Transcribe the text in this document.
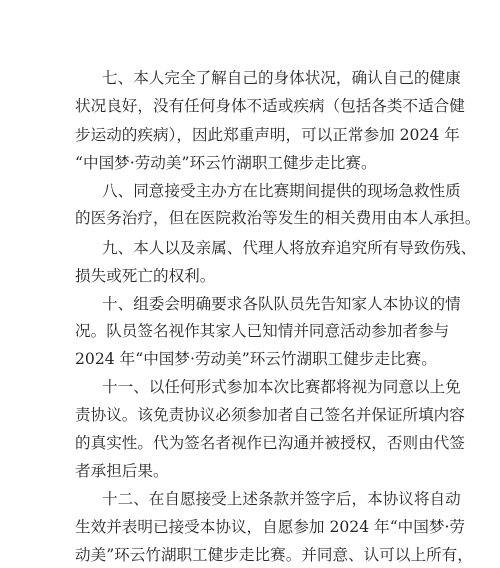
七、本人完全了解自己的身体状况，确认自己的健康
状况良好，没有任何身体不适或疾病（包括各类不适合健
步运动的疾病），因此郑重声明，可以正常参加 2024 年
“中国梦·劳动美”环云竹湖职工健步走比赛。
八、同意接受主办方在比赛期间提供的现场急救性质
的医务治疗，但在医院救治等发生的相关费用由本人承担。
九、本人以及亲属、代理人将放弃追究所有导致伤残、
损失或死亡的权利。
十、组委会明确要求各队队员先告知家人本协议的情
况。队员签名视作其家人已知情并同意活动参加者参与
2024 年“中国梦·劳动美”环云竹湖职工健步走比赛。
十一、以任何形式参加本次比赛都将视为同意以上免
责协议。该免责协议必须参加者自己签名并保证所填内容
的真实性。代为签名者视作已沟通并被授权，否则由代签
者承担后果。
十二、在自愿接受上述条款并签字后，本协议将自动
生效并表明已接受本协议，自愿参加 2024 年“中国梦·劳
动美”环云竹湖职工健步走比赛。并同意、认可以上所有，
